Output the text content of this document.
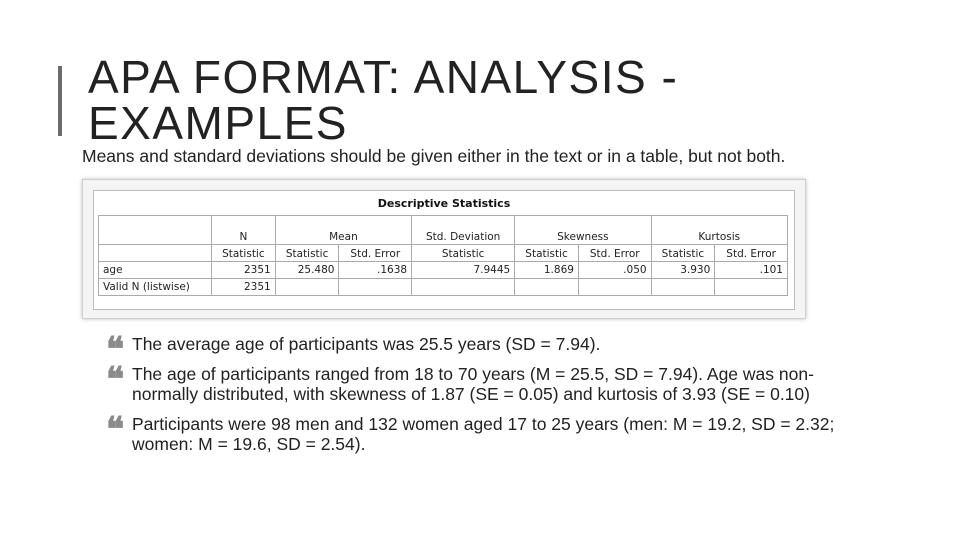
APA FORMAT: ANALYSIS - EXAMPLES
Means and standard deviations should be given either in the text or in a table, but not both.
Descriptive Statistics
	N	Mean		Std. Deviation	Skewness		Kurtosis	
	Statistic	Statistic	Std. Error	Statistic	Statistic	Std. Error	Statistic	Std. Error
age	2351	25.480	.1638	7.9445	1.869	.050	3.930	.101
Valid N (listwise)	2351							
❝ The average age of participants was 25.5 years (SD = 7.94).
❝ The age of participants ranged from 18 to 70 years (M = 25.5, SD = 7.94). Age was non-normally distributed, with skewness of 1.87 (SE = 0.05) and kurtosis of 3.93 (SE = 0.10)
❝ Participants were 98 men and 132 women aged 17 to 25 years (men: M = 19.2, SD = 2.32; women: M = 19.6, SD = 2.54).
